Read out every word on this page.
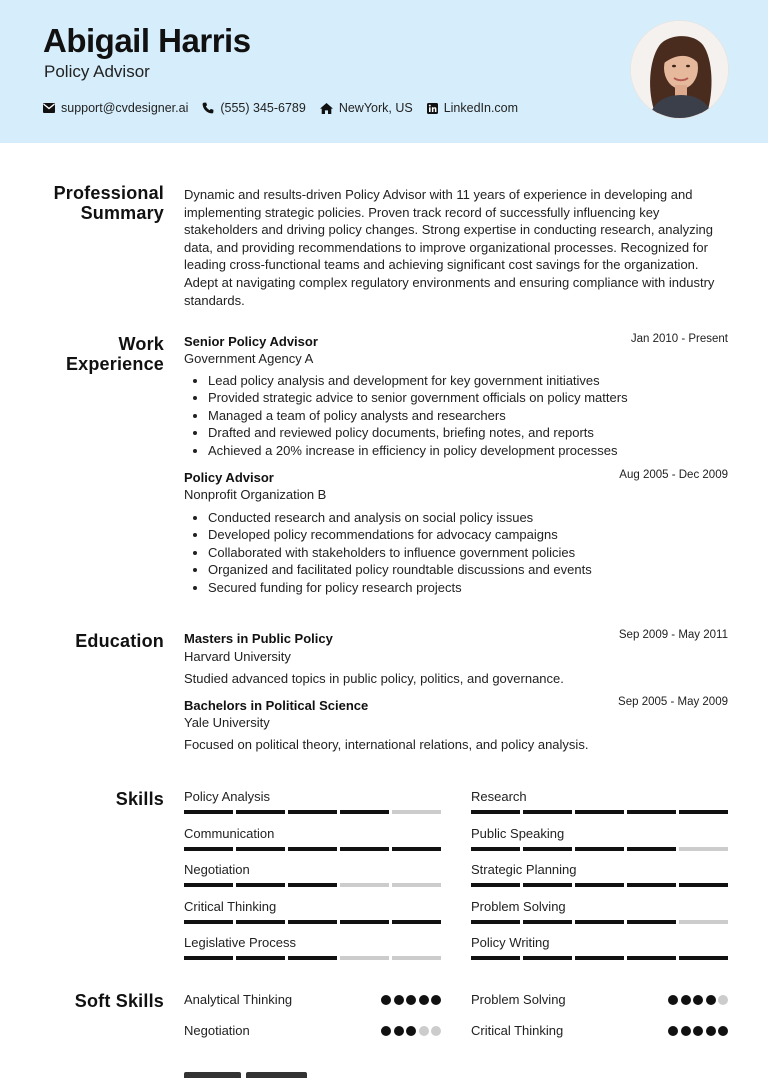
Abigail Harris
Policy Advisor
support@cvdesigner.ai	(555) 345-6789	NewYork, US LinkedIn.com
Professional
Summary
Dynamic and results-driven Policy Advisor with 11 years of experience in developing and implementing strategic policies. Proven track record of successfully influencing key stakeholders and driving policy changes. Strong expertise in conducting research, analyzing data, and providing recommendations to improve organizational processes. Recognized for leading cross-functional teams and achieving significant cost savings for the organization. Adept at navigating complex regulatory environments and ensuring compliance with industry standards.
Work
Experience
Senior Policy Advisor
Government Agency A
Jan 2010 - Present
Lead policy analysis and development for key government initiatives
Provided strategic advice to senior government officials on policy matters
Managed a team of policy analysts and researchers
Drafted and reviewed policy documents, briefing notes, and reports
Achieved a 20% increase in efficiency in policy development processes
Policy Advisor
Nonprofit Organization B
Aug 2005 - Dec 2009
Conducted research and analysis on social policy issues
Developed policy recommendations for advocacy campaigns
Collaborated with stakeholders to influence government policies
Organized and facilitated policy roundtable discussions and events
Secured funding for policy research projects
Education Masters in Public Policy
Harvard University
Sep 2009 - May 2011
Studied advanced topics in public policy, politics, and governance.
Bachelors in Political Science
Yale University
Sep 2005 - May 2009
Focused on political theory, international relations, and policy analysis.
Skills Policy Analysis	Research
Communication	Public Speaking
Negotiation	Strategic Planning
Critical Thinking	Problem Solving
Legislative Process	Policy Writing
Soft Skills Analytical Thinking	Problem Solving
Negotiation	Critical Thinking
